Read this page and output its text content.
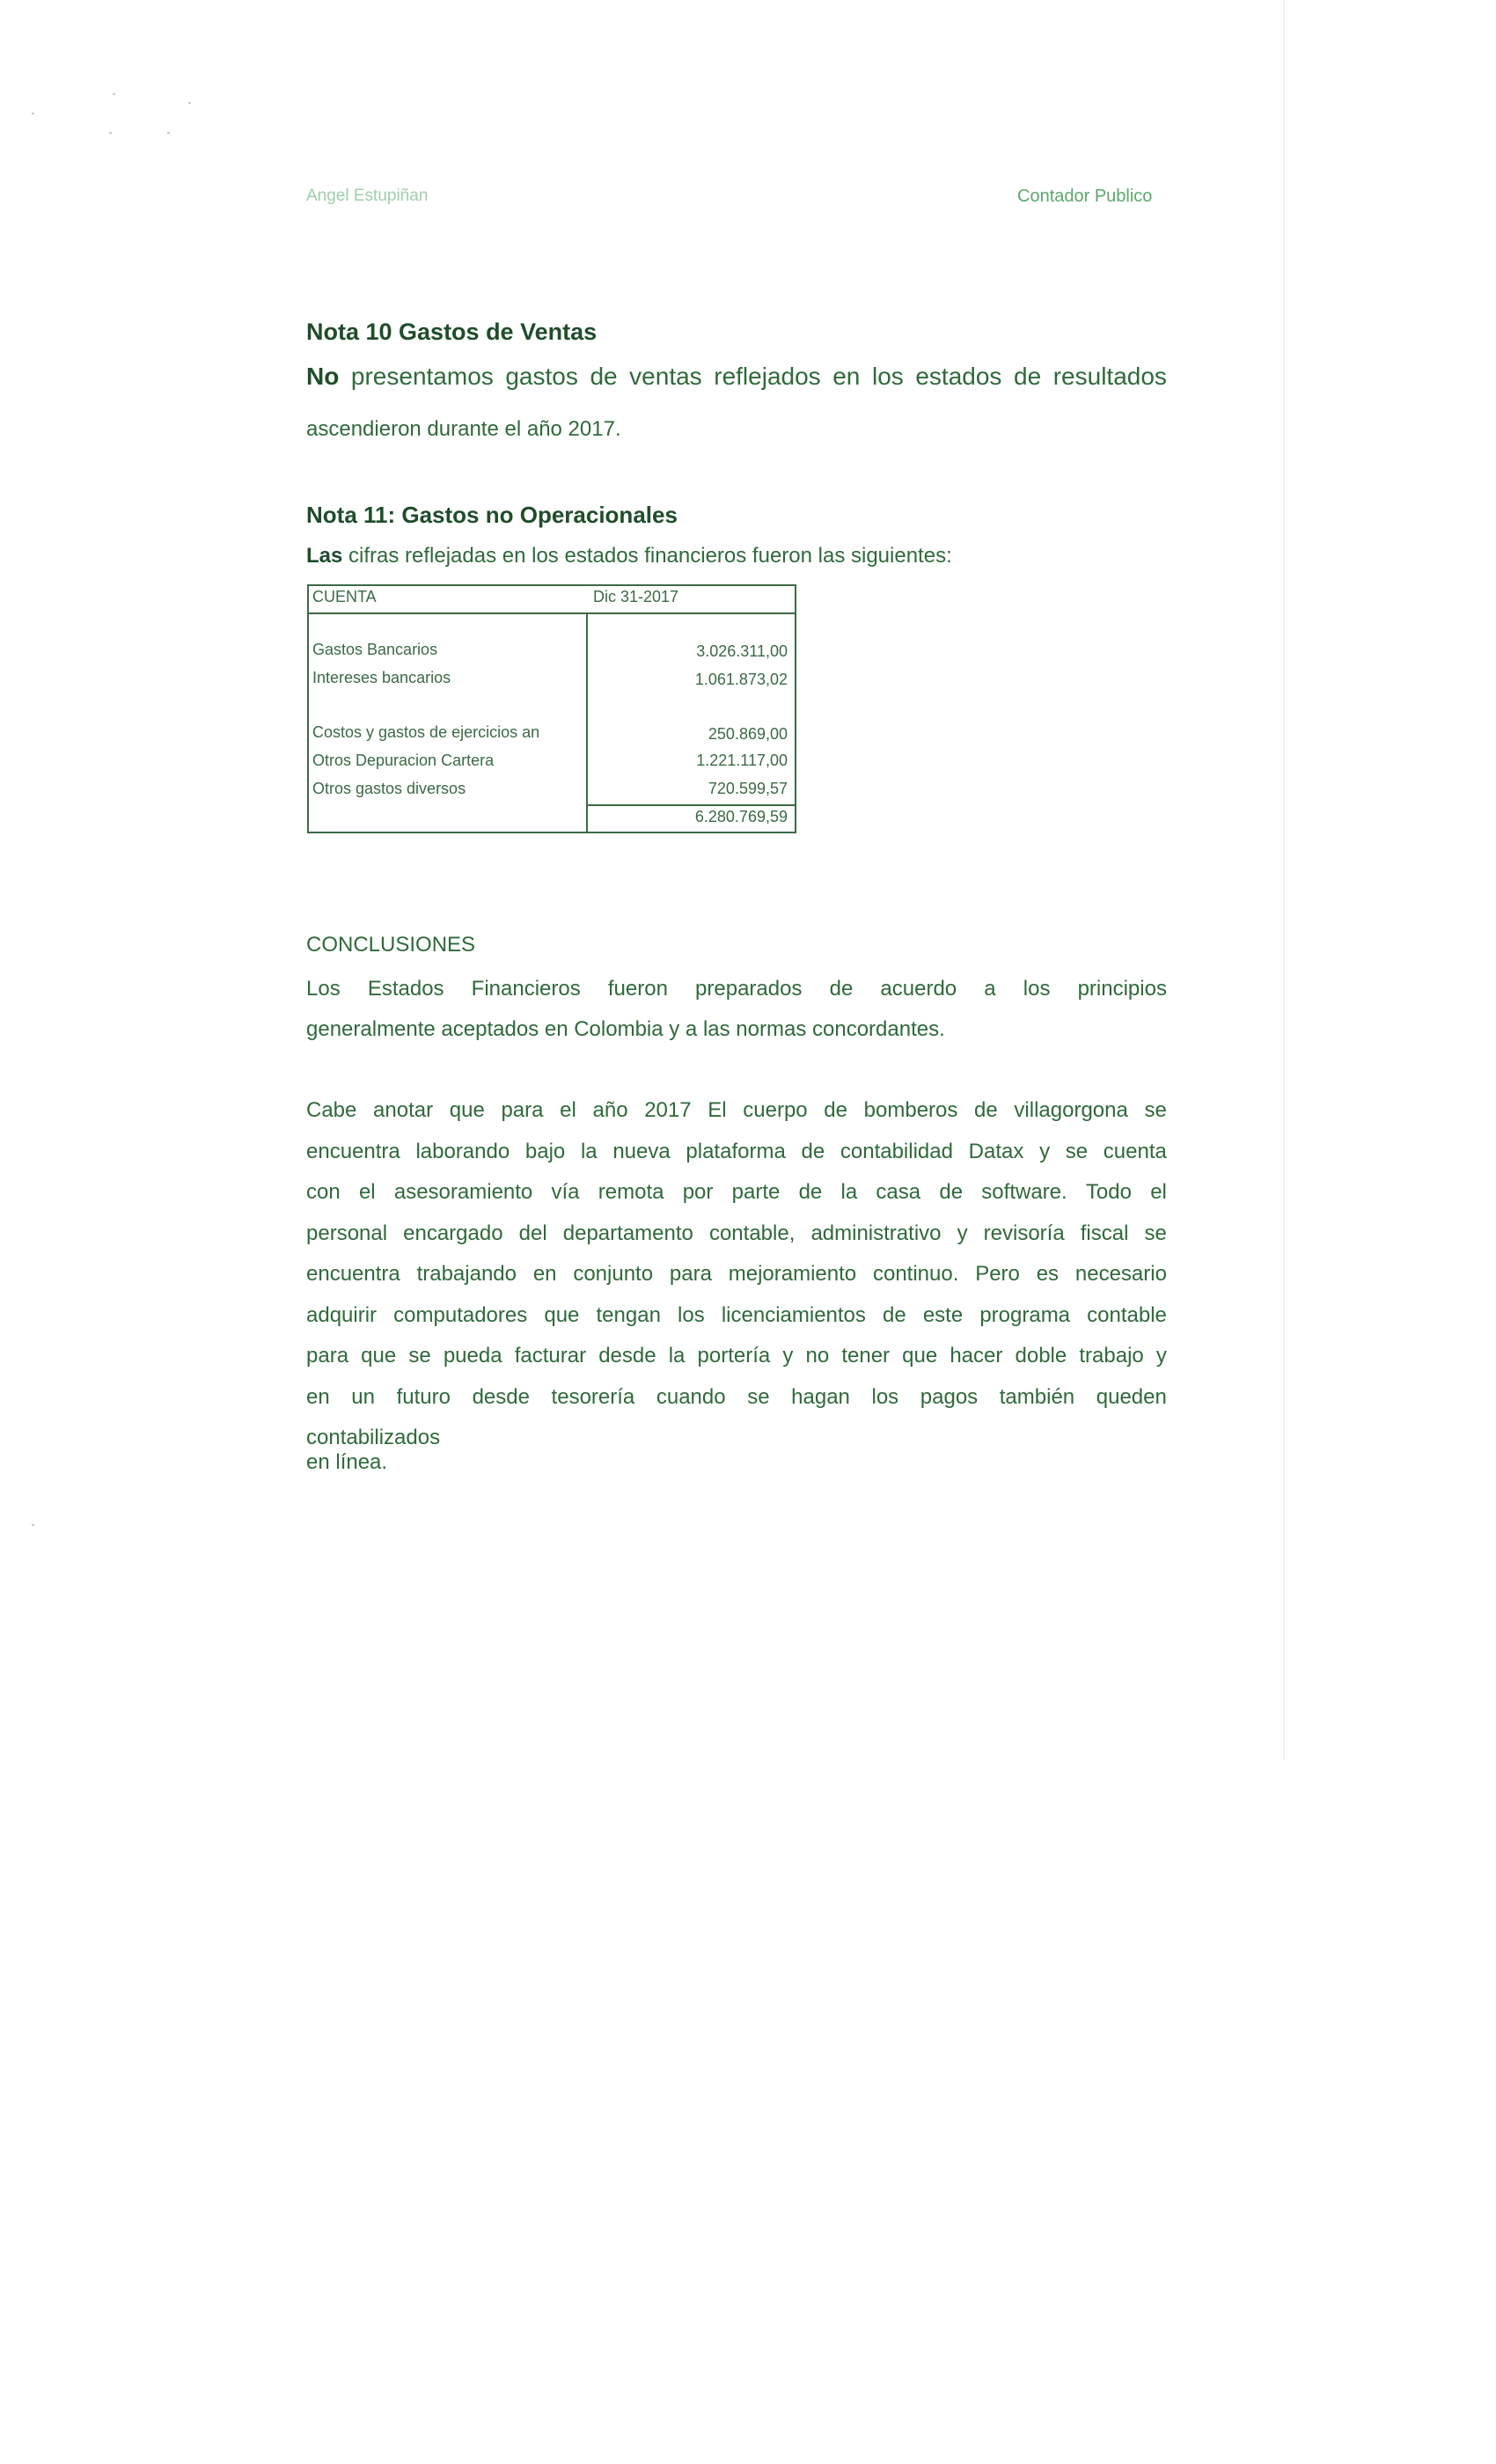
Angel Estupiñan	Contador Publico
Nota 10 Gastos de Ventas
No presentamos gastos de ventas reflejados en los estados de resultados
ascendieron durante el año 2017.
Nota 11: Gastos no Operacionales
Las cifras reflejadas en los estados financieros fueron las siguientes:
CUENTA	Dic 31-2017
Gastos Bancarios	3.026.311,00
Intereses bancarios	1.061.873,02
Costos y gastos de ejercicios an	250.869,00
Otros Depuracion Cartera	1.221.117,00
Otros gastos diversos	720.599,57
6.280.769,59
CONCLUSIONES
Los Estados Financieros fueron preparados de acuerdo a los principios
generalmente aceptados en Colombia y a las normas concordantes.
Cabe anotar que para el año 2017 El cuerpo de bomberos de villagorgona se
encuentra laborando bajo la nueva plataforma de contabilidad Datax y se cuenta
con el asesoramiento vía remota por parte de la casa de software. Todo el
personal encargado del departamento contable, administrativo y revisoría fiscal se
encuentra trabajando en conjunto para mejoramiento continuo. Pero es necesario
adquirir computadores que tengan los licenciamientos de este programa contable
para que se pueda facturar desde la portería y no tener que hacer doble trabajo y
en un futuro desde tesorería cuando se hagan los pagos también queden
contabilizados en línea.
